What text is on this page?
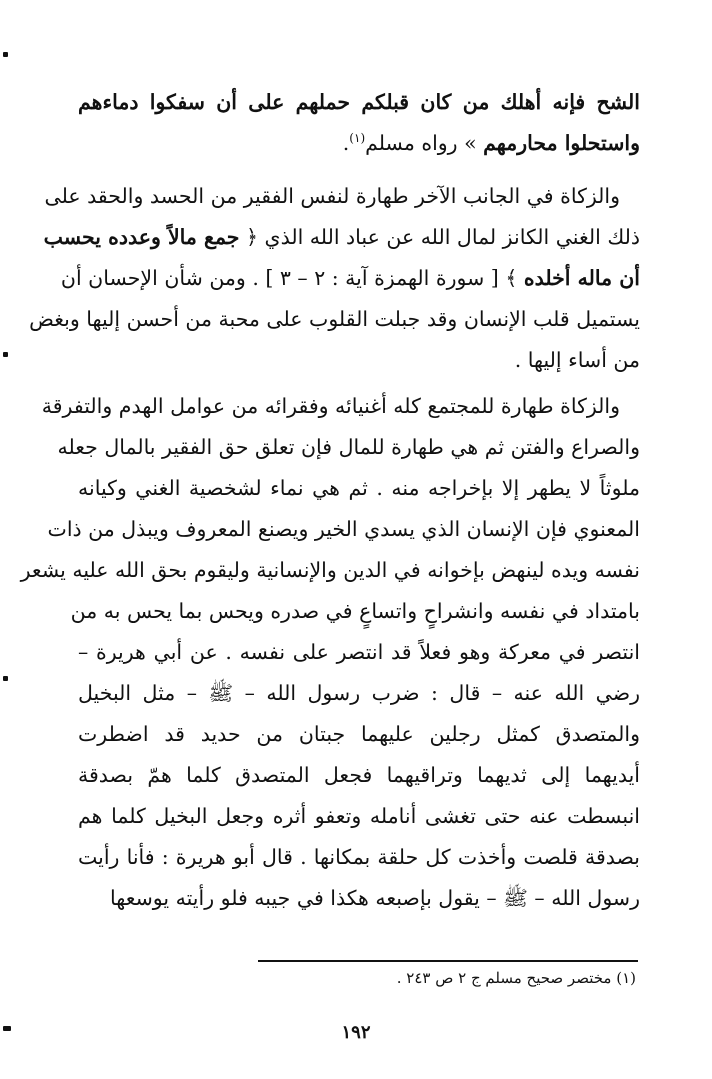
الشح فإنه أهلك من كان قبلكم حملهم على أن سفكوا دماءهم
واستحلوا محارمهم » رواه مسلم$^{(١)}$.
والزكاة في الجانب الآخر طهارة لنفس الفقير من الحسد والحقد على
ذلك الغني الكانز لمال الله عن عباد الله الذي ﴿ جمع مالاً وعدده يحسب
أن ماله أخلده ﴾ [ سورة الهمزة آية : ٢ – ٣ ] . ومن شأن الإحسان أن
يستميل قلب الإنسان وقد جبلت القلوب على محبة من أحسن إليها وبغض
من أساء إليها .
والزكاة طهارة للمجتمع كله أغنيائه وفقرائه من عوامل الهدم والتفرقة
والصراع والفتن ثم هي طهارة للمال فإن تعلق حق الفقير بالمال جعله
ملوثاً لا يطهر إلا بإخراجه منه . ثم هي نماء لشخصية الغني وكيانه
المعنوي فإن الإنسان الذي يسدي الخير ويصنع المعروف ويبذل من ذات
نفسه ويده لينهض بإخوانه في الدين والإنسانية وليقوم بحق الله عليه يشعر
بامتداد في نفسه وانشراحٍ واتساعٍ في صدره ويحس بما يحس به من
انتصر في معركة وهو فعلاً قد انتصر على نفسه . عن أبي هريرة –
رضي الله عنه – قال : ضرب رسول الله – ﷺ – مثل البخيل
والمتصدق كمثل رجلين عليهما جبتان من حديد قد اضطرت
أيديهما إلى ثديهما وتراقيهما فجعل المتصدق كلما همّ بصدقة
انبسطت عنه حتى تغشى أنامله وتعفو أثره وجعل البخيل كلما هم
بصدقة قلصت وأخذت كل حلقة بمكانها . قال أبو هريرة : فأنا رأيت
رسول الله – ﷺ – يقول بإصبعه هكذا في جيبه فلو رأيته يوسعها
(١) مختصر صحيح مسلم ج ٢ ص ٢٤٣ .
١٩٢
